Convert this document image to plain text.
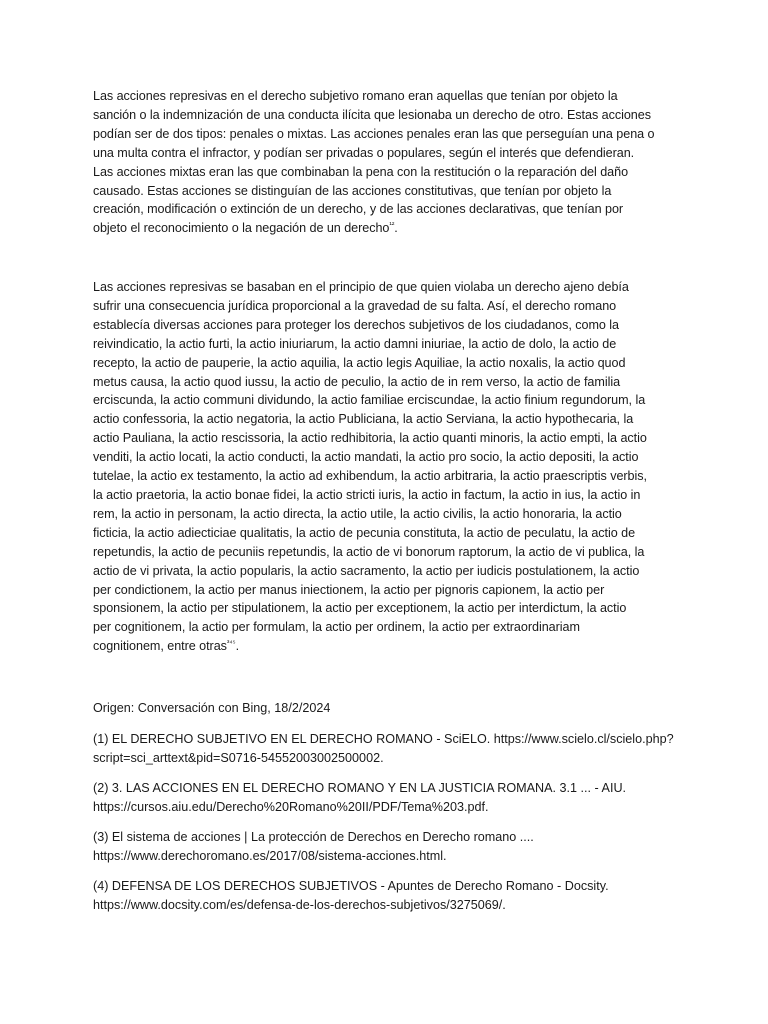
Las acciones represivas en el derecho subjetivo romano eran aquellas que tenían por objeto la
sanción o la indemnización de una conducta ilícita que lesionaba un derecho de otro. Estas acciones
podían ser de dos tipos: penales o mixtas. Las acciones penales eran las que perseguían una pena o
una multa contra el infractor, y podían ser privadas o populares, según el interés que defendieran.
Las acciones mixtas eran las que combinaban la pena con la restitución o la reparación del daño
causado. Estas acciones se distinguían de las acciones constitutivas, que tenían por objeto la
creación, modificación o extinción de un derecho, y de las acciones declarativas, que tenían por
objeto el reconocimiento o la negación de un derecho$^{^{12}}$.

Las acciones represivas se basaban en el principio de que quien violaba un derecho ajeno debía
sufrir una consecuencia jurídica proporcional a la gravedad de su falta. Así, el derecho romano
establecía diversas acciones para proteger los derechos subjetivos de los ciudadanos, como la
reivindicatio, la actio furti, la actio iniuriarum, la actio damni iniuriae, la actio de dolo, la actio de
recepto, la actio de pauperie, la actio aquilia, la actio legis Aquiliae, la actio noxalis, la actio quod
metus causa, la actio quod iussu, la actio de peculio, la actio de in rem verso, la actio de familia
erciscunda, la actio communi dividundo, la actio familiae erciscundae, la actio finium regundorum, la
actio confessoria, la actio negatoria, la actio Publiciana, la actio Serviana, la actio hypothecaria, la
actio Pauliana, la actio rescissoria, la actio redhibitoria, la actio quanti minoris, la actio empti, la actio
venditi, la actio locati, la actio conducti, la actio mandati, la actio pro socio, la actio depositi, la actio
tutelae, la actio ex testamento, la actio ad exhibendum, la actio arbitraria, la actio praescriptis verbis,
la actio praetoria, la actio bonae fidei, la actio stricti iuris, la actio in factum, la actio in ius, la actio in
rem, la actio in personam, la actio directa, la actio utile, la actio civilis, la actio honoraria, la actio
ficticia, la actio adiecticiae qualitatis, la actio de pecunia constituta, la actio de peculatu, la actio de
repetundis, la actio de pecuniis repetundis, la actio de vi bonorum raptorum, la actio de vi publica, la
actio de vi privata, la actio popularis, la actio sacramento, la actio per iudicis postulationem, la actio
per condictionem, la actio per manus iniectionem, la actio per pignoris capionem, la actio per
sponsionem, la actio per stipulationem, la actio per exceptionem, la actio per interdictum, la actio
per cognitionem, la actio per formulam, la actio per ordinem, la actio per extraordinariam
cognitionem, entre otras$^{^{345}}$.

Origen: Conversación con Bing, 18/2/2024

(1) EL DERECHO SUBJETIVO EN EL DERECHO ROMANO - SciELO. https://www.scielo.cl/scielo.php?
script=sci_arttext&pid=S0716-54552003002500002.

(2) 3. LAS ACCIONES EN EL DERECHO ROMANO Y EN LA JUSTICIA ROMANA. 3.1 ... - AIU.
https://cursos.aiu.edu/Derecho%20Romano%20II/PDF/Tema%203.pdf.

(3) El sistema de acciones | La protección de Derechos en Derecho romano ....
https://www.derechoromano.es/2017/08/sistema-acciones.html.

(4) DEFENSA DE LOS DERECHOS SUBJETIVOS - Apuntes de Derecho Romano - Docsity.
https://www.docsity.com/es/defensa-de-los-derechos-subjetivos/3275069/.
